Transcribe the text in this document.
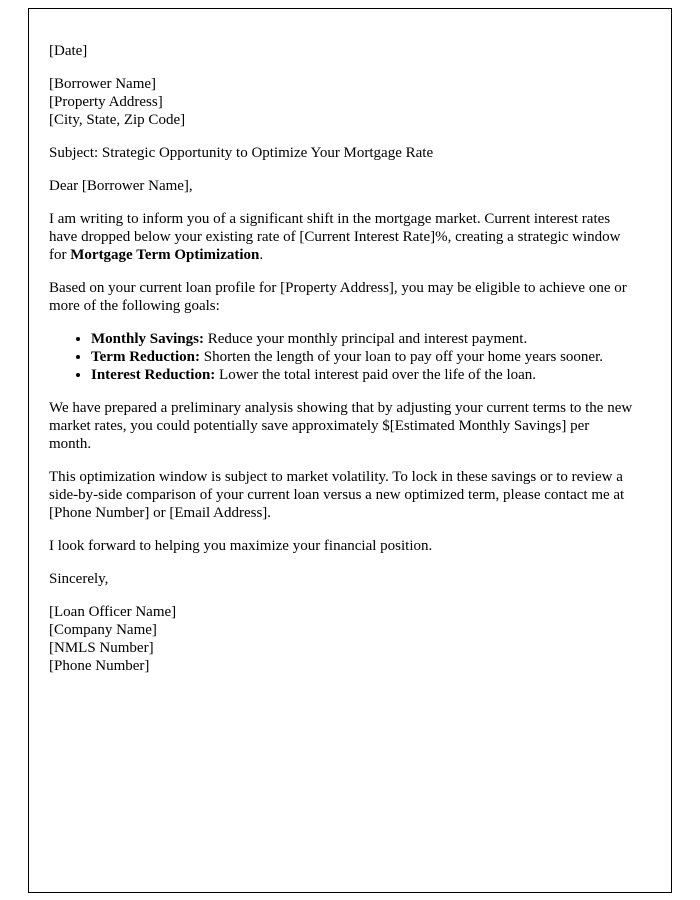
[Date]

[Borrower Name]

[Property Address]

[City, State, Zip Code]

Subject: Strategic Opportunity to Optimize Your Mortgage Rate

Dear [Borrower Name],

I am writing to inform you of a significant shift in the mortgage market. Current interest rates have dropped below your existing rate of [Current Interest Rate]%, creating a strategic window for Mortgage Term Optimization.

Based on your current loan profile for [Property Address], you may be eligible to achieve one or more of the following goals:

• Monthly Savings: Reduce your monthly principal and interest payment.
• Term Reduction: Shorten the length of your loan to pay off your home years sooner.
• Interest Reduction: Lower the total interest paid over the life of the loan.

We have prepared a preliminary analysis showing that by adjusting your current terms to the new market rates, you could potentially save approximately $[Estimated Monthly Savings] per month.

This optimization window is subject to market volatility. To lock in these savings or to review a side-by-side comparison of your current loan versus a new optimized term, please contact me at [Phone Number] or [Email Address].

I look forward to helping you maximize your financial position.

Sincerely,

[Loan Officer Name]

[Company Name]

[NMLS Number]

[Phone Number]
